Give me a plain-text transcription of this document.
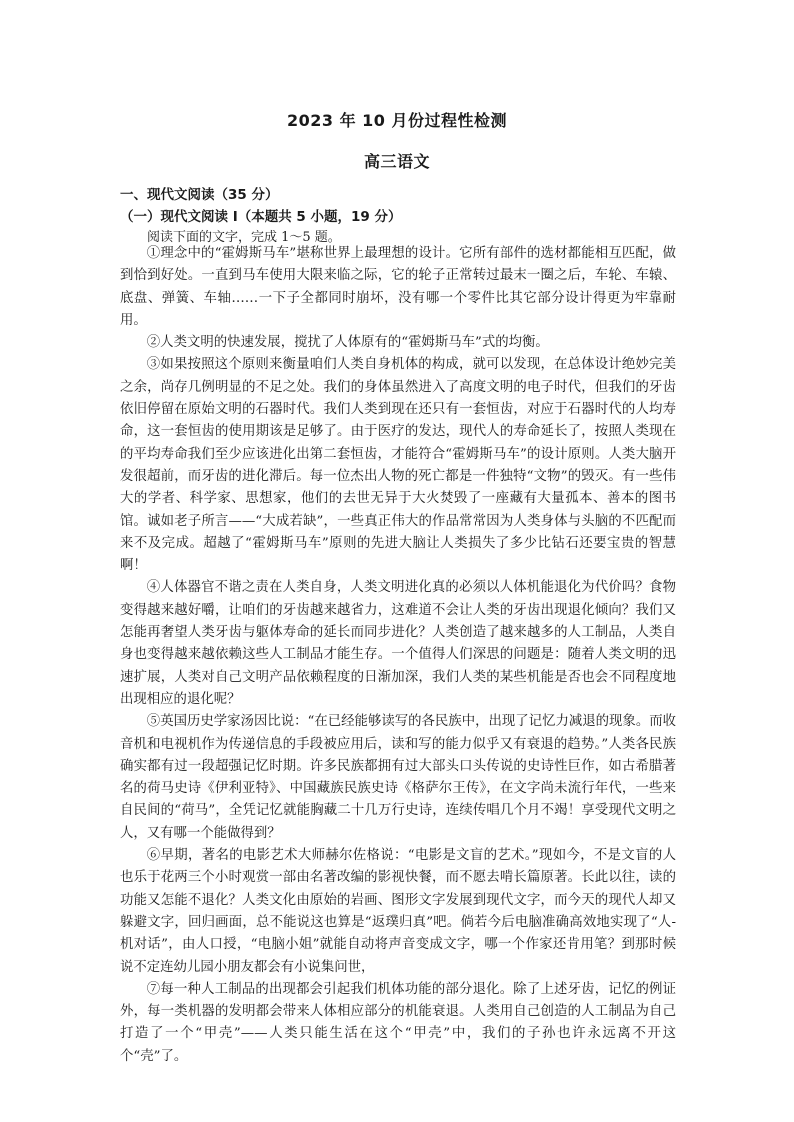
2023 年 10 月份过程性检测
高三语文
一、现代文阅读（35 分）
（一）现代文阅读 I（本题共 5 小题，19 分）
阅读下面的文字，完成 1～5 题。

①理念中的“霍姆斯马车”堪称世界上最理想的设计。它所有部件的选材都能相互匹配，做到恰到好处。一直到马车使用大限来临之际，它的轮子正常转过最末一圈之后，车轮、车辕、底盘、弹簧、车轴……一下子全都同时崩坏，没有哪一个零件比其它部分设计得更为牢靠耐用。

②人类文明的快速发展，搅扰了人体原有的“霍姆斯马车”式的均衡。

③如果按照这个原则来衡量咱们人类自身机体的构成，就可以发现，在总体设计绝妙完美之余，尚存几例明显的不足之处。我们的身体虽然进入了高度文明的电子时代，但我们的牙齿依旧停留在原始文明的石器时代。我们人类到现在还只有一套恒齿，对应于石器时代的人均寿命，这一套恒齿的使用期该是足够了。由于医疗的发达，现代人的寿命延长了，按照人类现在的平均寿命我们至少应该进化出第二套恒齿，才能符合“霍姆斯马车”的设计原则。人类大脑开发很超前，而牙齿的进化滞后。每一位杰出人物的死亡都是一件独特“文物”的毁灭。有一些伟大的学者、科学家、思想家，他们的去世无异于大火焚毁了一座藏有大量孤本、善本的图书馆。诚如老子所言——“大成若缺”，一些真正伟大的作品常常因为人类身体与头脑的不匹配而来不及完成。超越了“霍姆斯马车”原则的先进大脑让人类损失了多少比钻石还要宝贵的智慧啊！

④人体器官不谐之责在人类自身，人类文明进化真的必须以人体机能退化为代价吗？食物变得越来越好嚼，让咱们的牙齿越来越省力，这难道不会让人类的牙齿出现退化倾向？我们又怎能再奢望人类牙齿与躯体寿命的延长而同步进化？人类创造了越来越多的人工制品，人类自身也变得越来越依赖这些人工制品才能生存。一个值得人们深思的问题是：随着人类文明的迅速扩展，人类对自己文明产品依赖程度的日渐加深，我们人类的某些机能是否也会不同程度地出现相应的退化呢？

⑤英国历史学家汤因比说：“在已经能够读写的各民族中，出现了记忆力减退的现象。而收音机和电视机作为传递信息的手段被应用后，读和写的能力似乎又有衰退的趋势。”人类各民族确实都有过一段超强记忆时期。许多民族都拥有过大部头口头传说的史诗性巨作，如古希腊著名的荷马史诗《伊利亚特》、中国藏族民族史诗《格萨尔王传》，在文字尚未流行年代，一些来自民间的“荷马”，全凭记忆就能胸藏二十几万行史诗，连续传唱几个月不竭！享受现代文明之人，又有哪一个能做得到？

⑥早期，著名的电影艺术大师赫尔佐格说：“电影是文盲的艺术。”现如今，不是文盲的人也乐于花两三个小时观赏一部由名著改编的影视快餐，而不愿去啃长篇原著。长此以往，读的功能又怎能不退化？人类文化由原始的岩画、图形文字发展到现代文字，而今天的现代人却又躲避文字，回归画面，总不能说这也算是“返璞归真”吧。倘若今后电脑准确高效地实现了“人-机对话”，由人口授，“电脑小姐”就能自动将声音变成文字，哪一个作家还肯用笔？到那时候说不定连幼儿园小朋友都会有小说集问世，

⑦每一种人工制品的出现都会引起我们机体功能的部分退化。除了上述牙齿，记忆的例证外，每一类机器的发明都会带来人体相应部分的机能衰退。人类用自己创造的人工制品为自己打造了一个“甲壳”——人类只能生活在这个“甲壳”中，我们的子孙也许永远离不开这个“壳”了。
